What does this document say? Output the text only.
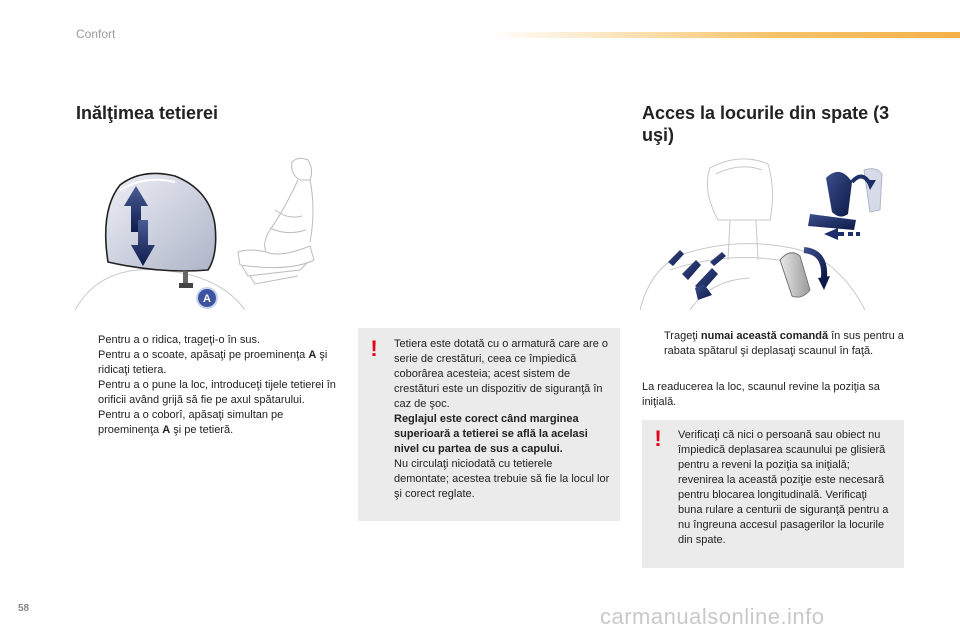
Confort
Inălţimea tetierei	Acces la locurile din spate (3 uşi)
A
Pentru a o ridica, trageţi-o în sus.
Pentru a o scoate, apăsaţi pe proeminenţa A şi ridicaţi tetiera.
Pentru a o pune la loc, introduceţi tijele tetierei în orificii având grijă să fie pe axul spătarului.
Pentru a o coborî, apăsaţi simultan pe proeminenţa A şi pe tetieră.
! Tetiera este dotată cu o armatură care are o serie de crestături, ceea ce împiedică coborârea acesteia; acest sistem de crestături este un dispozitiv de siguranţă în caz de şoc.
Reglajul este corect când marginea superioară a tetierei se află la acelasi nivel cu partea de sus a capului.
Nu circulaţi niciodată cu tetierele demontate; acestea trebuie să fie la locul lor şi corect reglate.
Trageţi numai această comandă în sus pentru a rabata spătarul şi deplasaţi scaunul în faţă.

La readucerea la loc, scaunul revine la poziţia sa iniţială.

! Verificaţi că nici o persoană sau obiect nu împiedică deplasarea scaunului pe glisieră pentru a reveni la poziţia sa iniţială; revenirea la această poziţie este necesară pentru blocarea longitudinală. Verificaţi buna rulare a centurii de siguranţă pentru a nu îngreuna accesul pasagerilor la locurile din spate.
58	carmanualsonline.info
